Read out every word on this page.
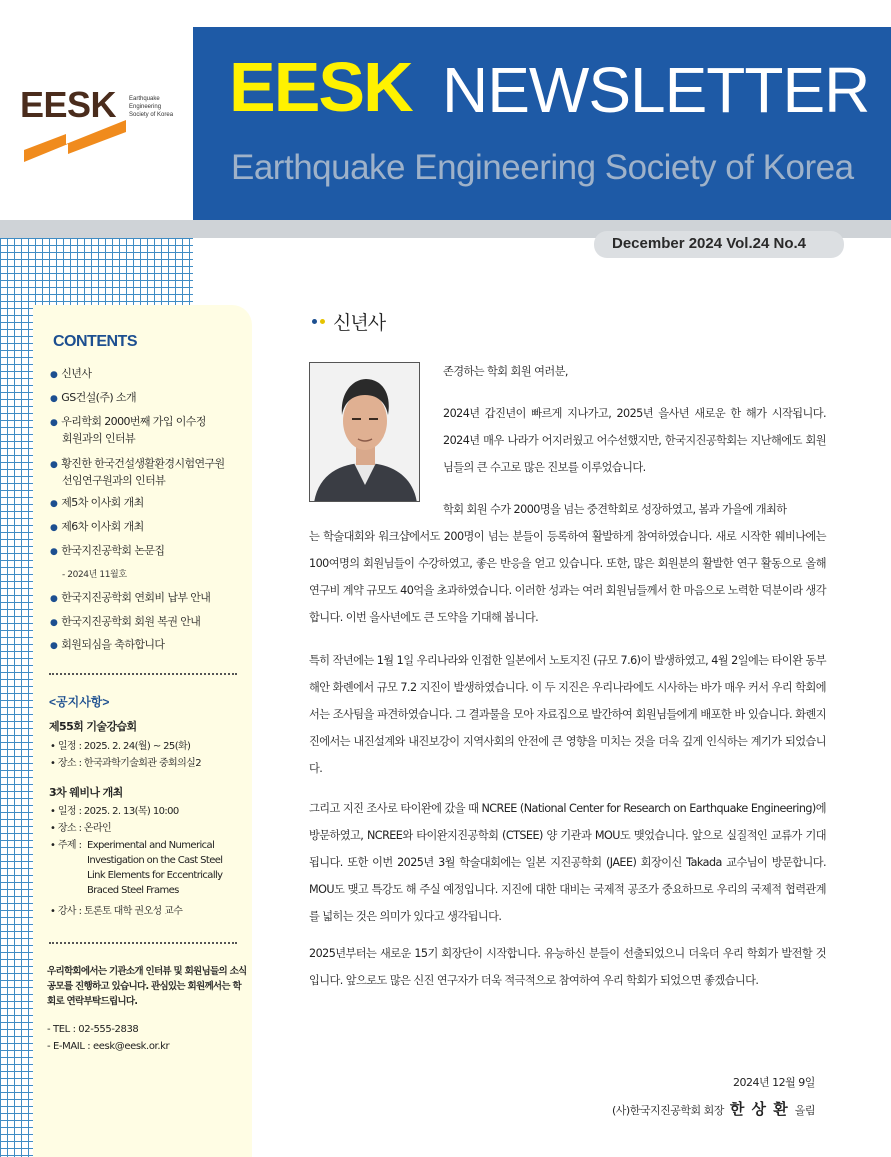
EESK Earthquake
Engineering
Society of Korea EESK NEWSLETTER
Earthquake Engineering Society of Korea
December 2024 Vol.24 No.4
CONTENTS
● 신년사
● GS건설(주) 소개
● 우리학회 2000번째 가입 이수정
회원과의 인터뷰
● 황진한 한국건설생활환경시험연구원
선임연구원과의 인터뷰
● 제5차 이사회 개최
● 제6차 이사회 개최
● 한국지진공학회 논문집
- 2024년 11월호
● 한국지진공학회 연회비 납부 안내
● 한국지진공학회 회원 복권 안내
● 회원되심을 축하합니다
<공지사항>
제55회 기술강습회
• 일정 : 2025. 2. 24(월) ~ 25(화)
• 장소 : 한국과학기술회관 중회의실2
3차 웨비나 개최
• 일정 : 2025. 2. 13(목) 10:00
• 장소 : 온라인
• 주제 : Experimental and Numerical
Investigation on the Cast Steel
Link Elements for Eccentrically
Braced Steel Frames
• 강사 : 토론토 대학 권오성 교수
우리학회에서는 기관소개 인터뷰 및 회원님들의 소식 공모를 진행하고 있습니다. 관심있는 회원께서는 학회로 연락부탁드립니다.
- TEL : 02-555-2838
- E-MAIL : eesk@eesk.or.kr
신년사
존경하는 학회 회원 여러분,
2024년 갑진년이 빠르게 지나가고, 2025년 을사년 새로운 한 해가 시작됩니다. 2024년 매우 나라가 어지러웠고 어수선했지만, 한국지진공학회는 지난해에도 회원님들의 큰 수고로 많은 진보를 이루었습니다.
학회 회원 수가 2000명을 넘는 중견학회로 성장하였고, 봄과 가을에 개최하
는 학술대회와 워크샵에서도 200명이 넘는 분들이 등록하여 활발하게 참여하였습니다. 새로 시작한 웨비나에는 100여명의 회원님들이 수강하였고, 좋은 반응을 얻고 있습니다. 또한, 많은 회원분의 활발한 연구 활동으로 올해 연구비 계약 규모도 40억을 초과하였습니다. 이러한 성과는 여러 회원님들께서 한 마음으로 노력한 덕분이라 생각합니다. 이번 을사년에도 큰 도약을 기대해 봅니다.
특히 작년에는 1월 1일 우리나라와 인접한 일본에서 노토지진 (규모 7.6)이 발생하였고, 4월 2일에는 타이완 동부 해안 화롄에서 규모 7.2 지진이 발생하였습니다. 이 두 지진은 우리나라에도 시사하는 바가 매우 커서 우리 학회에서는 조사팀을 파견하였습니다. 그 결과물을 모아 자료집으로 발간하여 회원님들에게 배포한 바 있습니다. 화롄지진에서는 내진설계와 내진보강이 지역사회의 안전에 큰 영향을 미치는 것을 더욱 깊게 인식하는 계기가 되었습니다.
그리고 지진 조사로 타이완에 갔을 때 NCREE (National Center for Research on Earthquake Engineering)에 방문하였고, NCREE와 타이완지진공학회 (CTSEE) 양 기관과 MOU도 맺었습니다. 앞으로 실질적인 교류가 기대됩니다. 또한 이번 2025년 3월 학술대회에는 일본 지진공학회 (JAEE) 회장이신 Takada 교수님이 방문합니다. MOU도 맺고 특강도 해 주실 예정입니다. 지진에 대한 대비는 국제적 공조가 중요하므로 우리의 국제적 협력관계를 넓히는 것은 의미가 있다고 생각됩니다.
2025년부터는 새로운 15기 회장단이 시작합니다. 유능하신 분들이 선출되었으니 더욱더 우리 학회가 발전할 것입니다. 앞으로도 많은 신진 연구자가 더욱 적극적으로 참여하여 우리 학회가 되었으면 좋겠습니다.
2024년 12월 9일
(사)한국지진공학회 회장 한 상 환 올림
